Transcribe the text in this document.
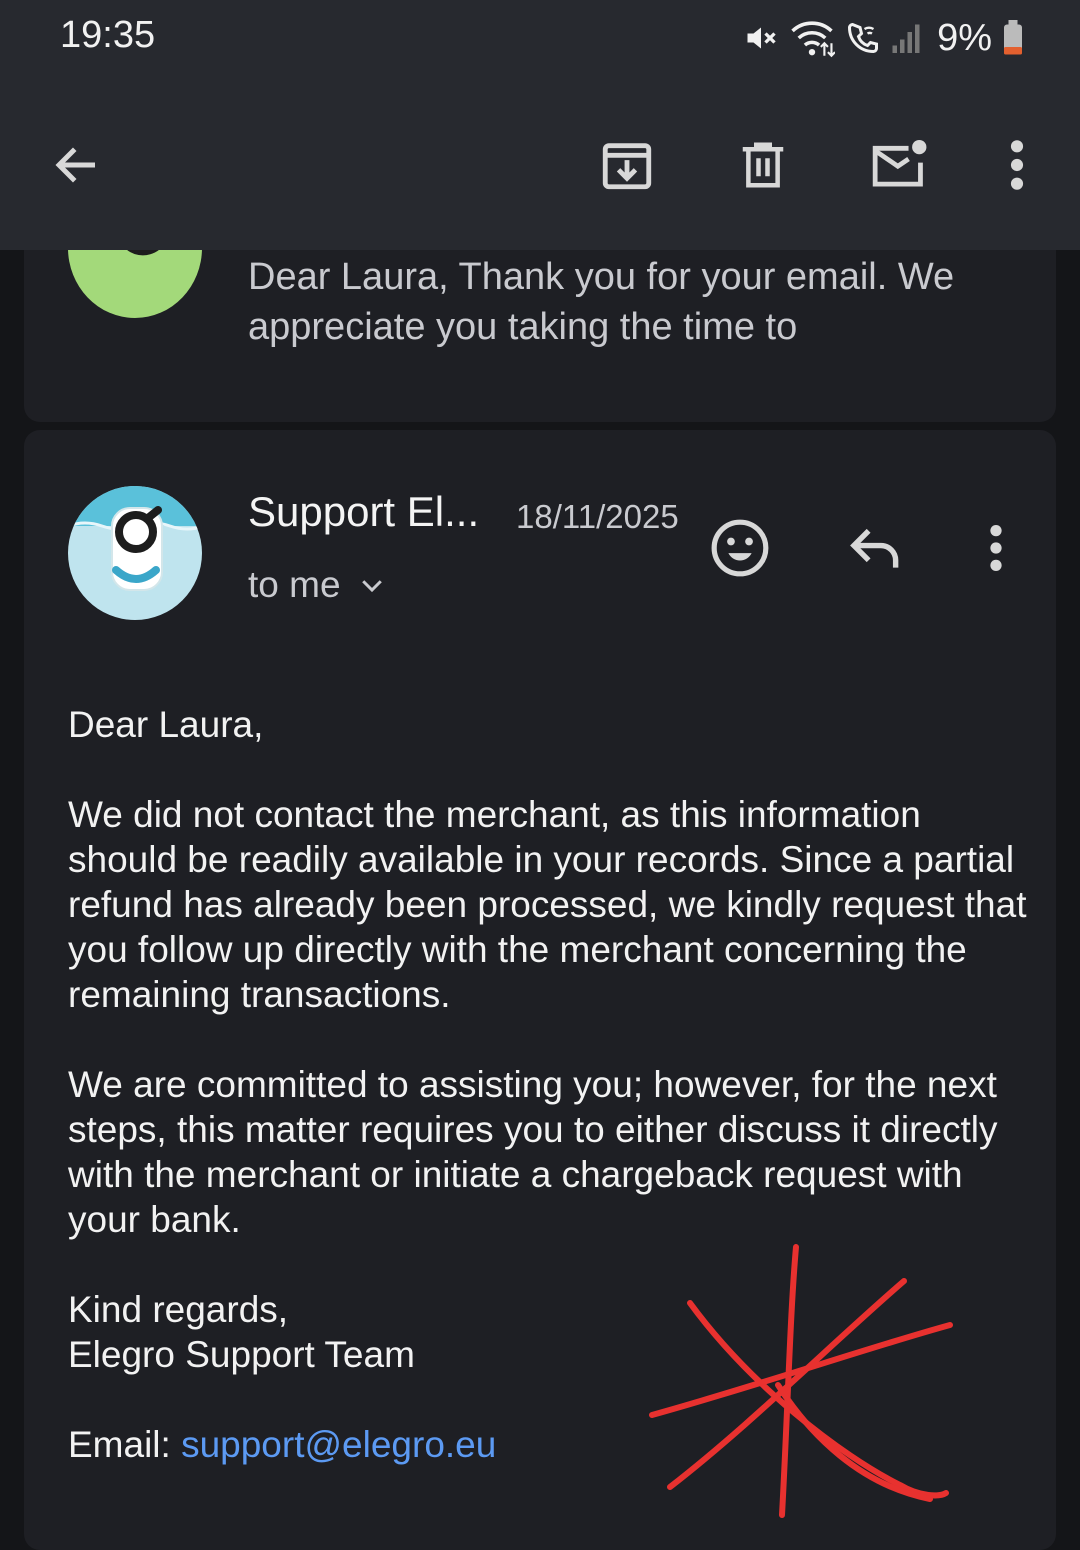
19:35	9%
Dear Laura, Thank you for your email. We appreciate you taking the time to
Support El... 18/11/2025
to me

Dear Laura,

We did not contact the merchant, as this information should be readily available in your records. Since a partial refund has already been processed, we kindly request that you follow up directly with the merchant concerning the remaining transactions.

We are committed to assisting you; however, for the next steps, this matter requires you to either discuss it directly with the merchant or initiate a chargeback request with your bank.

Kind regards,
Elegro Support Team

Email: support@elegro.eu
